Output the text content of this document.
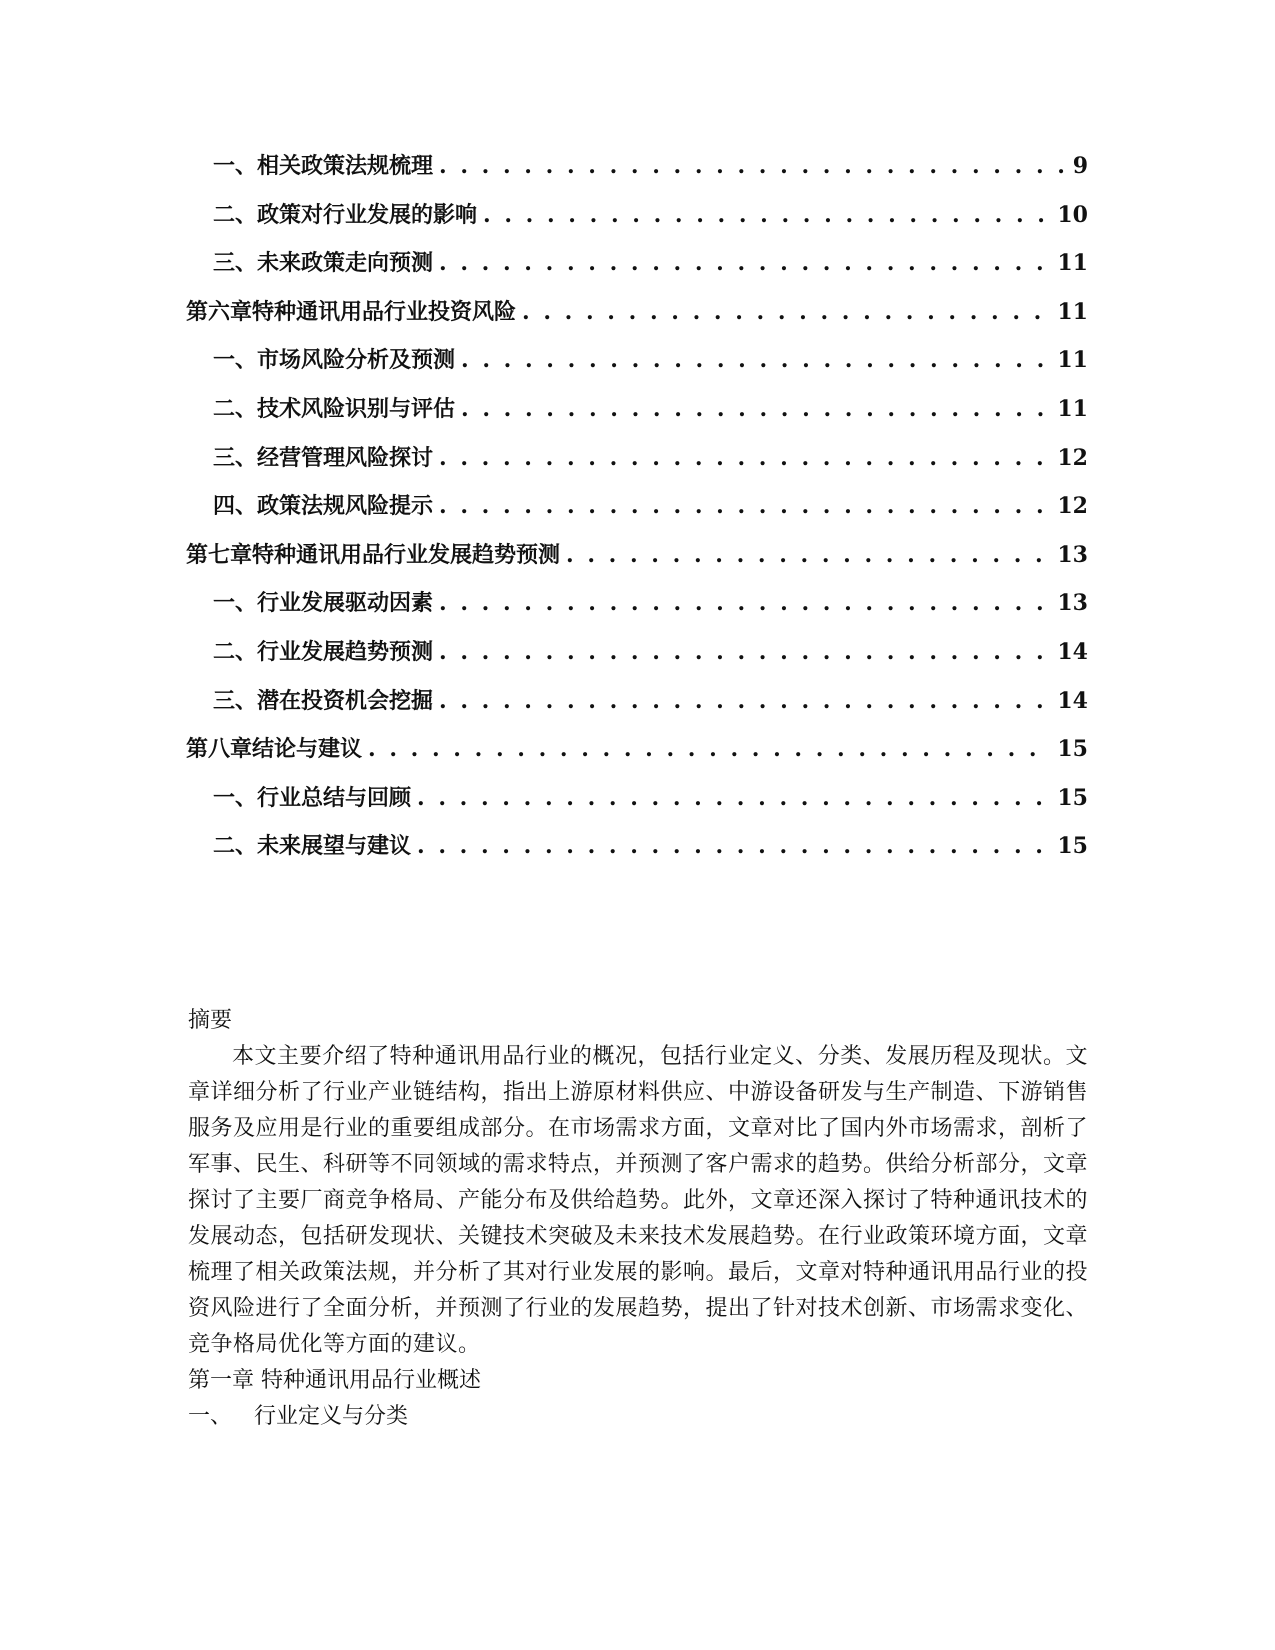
一、 相关政策法规梳理 . . .	9
二、 政策对行业发展的影响 . . .	10
三、 未来政策走向预测 . . .	11
第六章 特种通讯用品行业投资风险 . . .	11
一、 市场风险分析及预测 . . .	11
二、 技术风险识别与评估 . . .	11
三、 经营管理风险探讨 . . .	12
四、 政策法规风险提示 . . .	12
第七章 特种通讯用品行业发展趋势预测 . . .	13
一、 行业发展驱动因素 . . .	13
二、 行业发展趋势预测 . . .	14
三、 潜在投资机会挖掘 . . .	14
第八章 结论与建议 . . .	15
一、 行业总结与回顾 . . .	15
二、 未来展望与建议 . . .	15

摘要

本文主要介绍了特种通讯用品行业的概况，包括行业定义、分类、发展历程及现状。文章详细分析了行业产业链结构，指出上游原材料供应、中游设备研发与生产制造、下游销售服务及应用是行业的重要组成部分。在市场需求方面，文章对比了国内外市场需求，剖析了军事、民生、科研等不同领域的需求特点，并预测了客户需求的趋势。供给分析部分，文章探讨了主要厂商竞争格局、产能分布及供给趋势。此外，文章还深入探讨了特种通讯技术的发展动态，包括研发现状、关键技术突破及未来技术发展趋势。在行业政策环境方面，文章梳理了相关政策法规，并分析了其对行业发展的影响。最后，文章对特种通讯用品行业的投资风险进行了全面分析，并预测了行业的发展趋势，提出了针对技术创新、市场需求变化、竞争格局优化等方面的建议。

第一章 特种通讯用品行业概述

一、 行业定义与分类
